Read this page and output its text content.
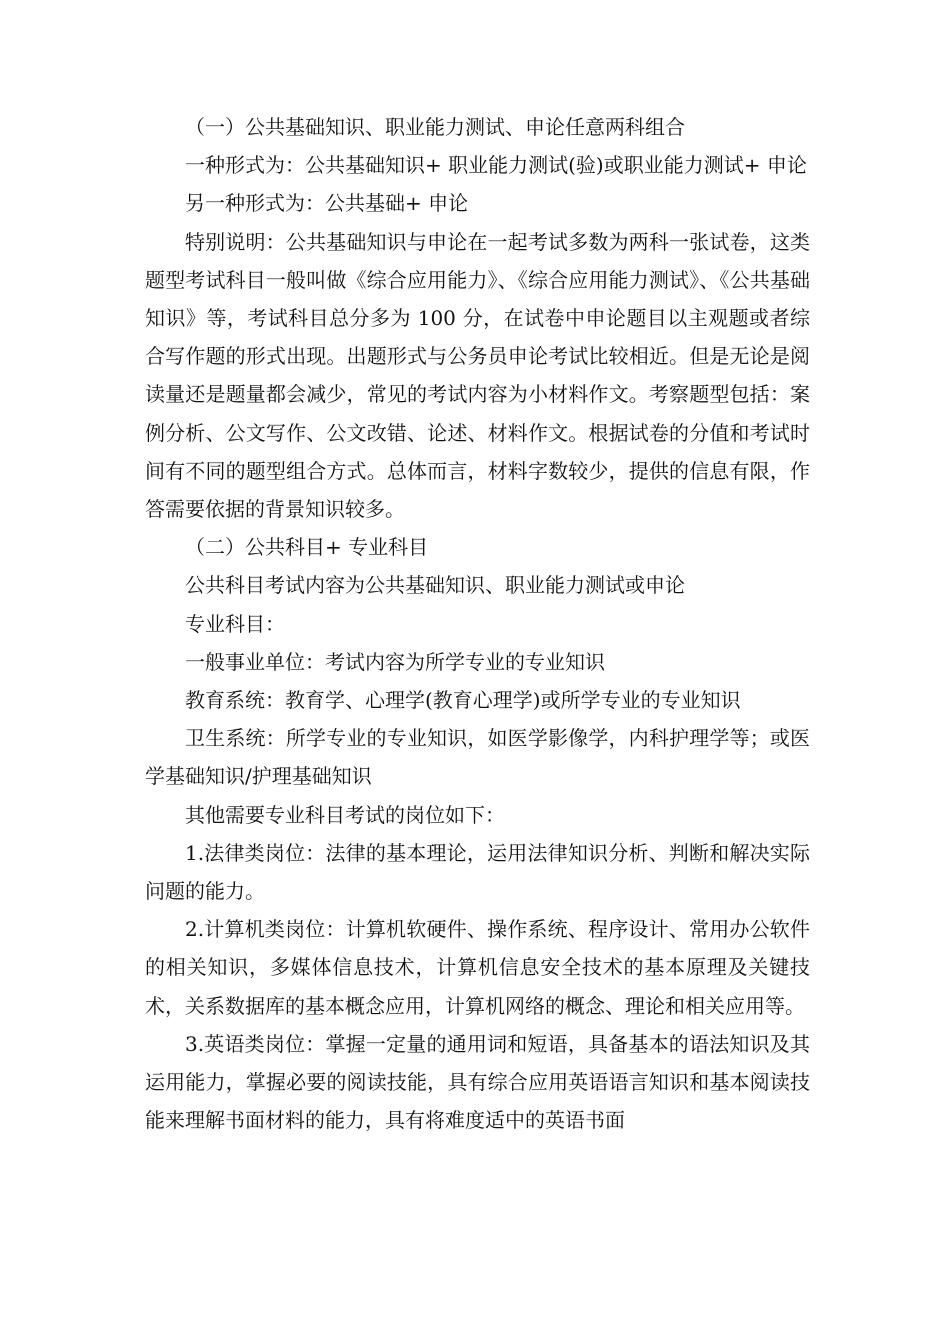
（一）公共基础知识、职业能力测试、申论任意两科组合

一种形式为：公共基础知识+ 职业能力测试(验)或职业能力测试+ 申论

另一种形式为：公共基础+ 申论

特别说明：公共基础知识与申论在一起考试多数为两科一张试卷，这类题型考试科目一般叫做《综合应用能力》、《综合应用能力测试》、《公共基础知识》等，考试科目总分多为 100 分，在试卷中申论题目以主观题或者综合写作题的形式出现。出题形式与公务员申论考试比较相近。但是无论是阅读量还是题量都会减少，常见的考试内容为小材料作文。考察题型包括：案例分析、公文写作、公文改错、论述、材料作文。根据试卷的分值和考试时间有不同的题型组合方式。总体而言，材料字数较少，提供的信息有限，作答需要依据的背景知识较多。

（二）公共科目+ 专业科目

公共科目考试内容为公共基础知识、职业能力测试或申论

专业科目：

一般事业单位：考试内容为所学专业的专业知识

教育系统：教育学、心理学(教育心理学)或所学专业的专业知识

卫生系统：所学专业的专业知识，如医学影像学，内科护理学等；或医学基础知识/护理基础知识

其他需要专业科目考试的岗位如下：

1.法律类岗位：法律的基本理论，运用法律知识分析、判断和解决实际问题的能力。

2.计算机类岗位：计算机软硬件、操作系统、程序设计、常用办公软件的相关知识，多媒体信息技术，计算机信息安全技术的基本原理及关键技术，关系数据库的基本概念应用，计算机网络的概念、理论和相关应用等。

3.英语类岗位：掌握一定量的通用词和短语，具备基本的语法知识及其运用能力，掌握必要的阅读技能，具有综合应用英语语言知识和基本阅读技能来理解书面材料的能力，具有将难度适中的英语书面
